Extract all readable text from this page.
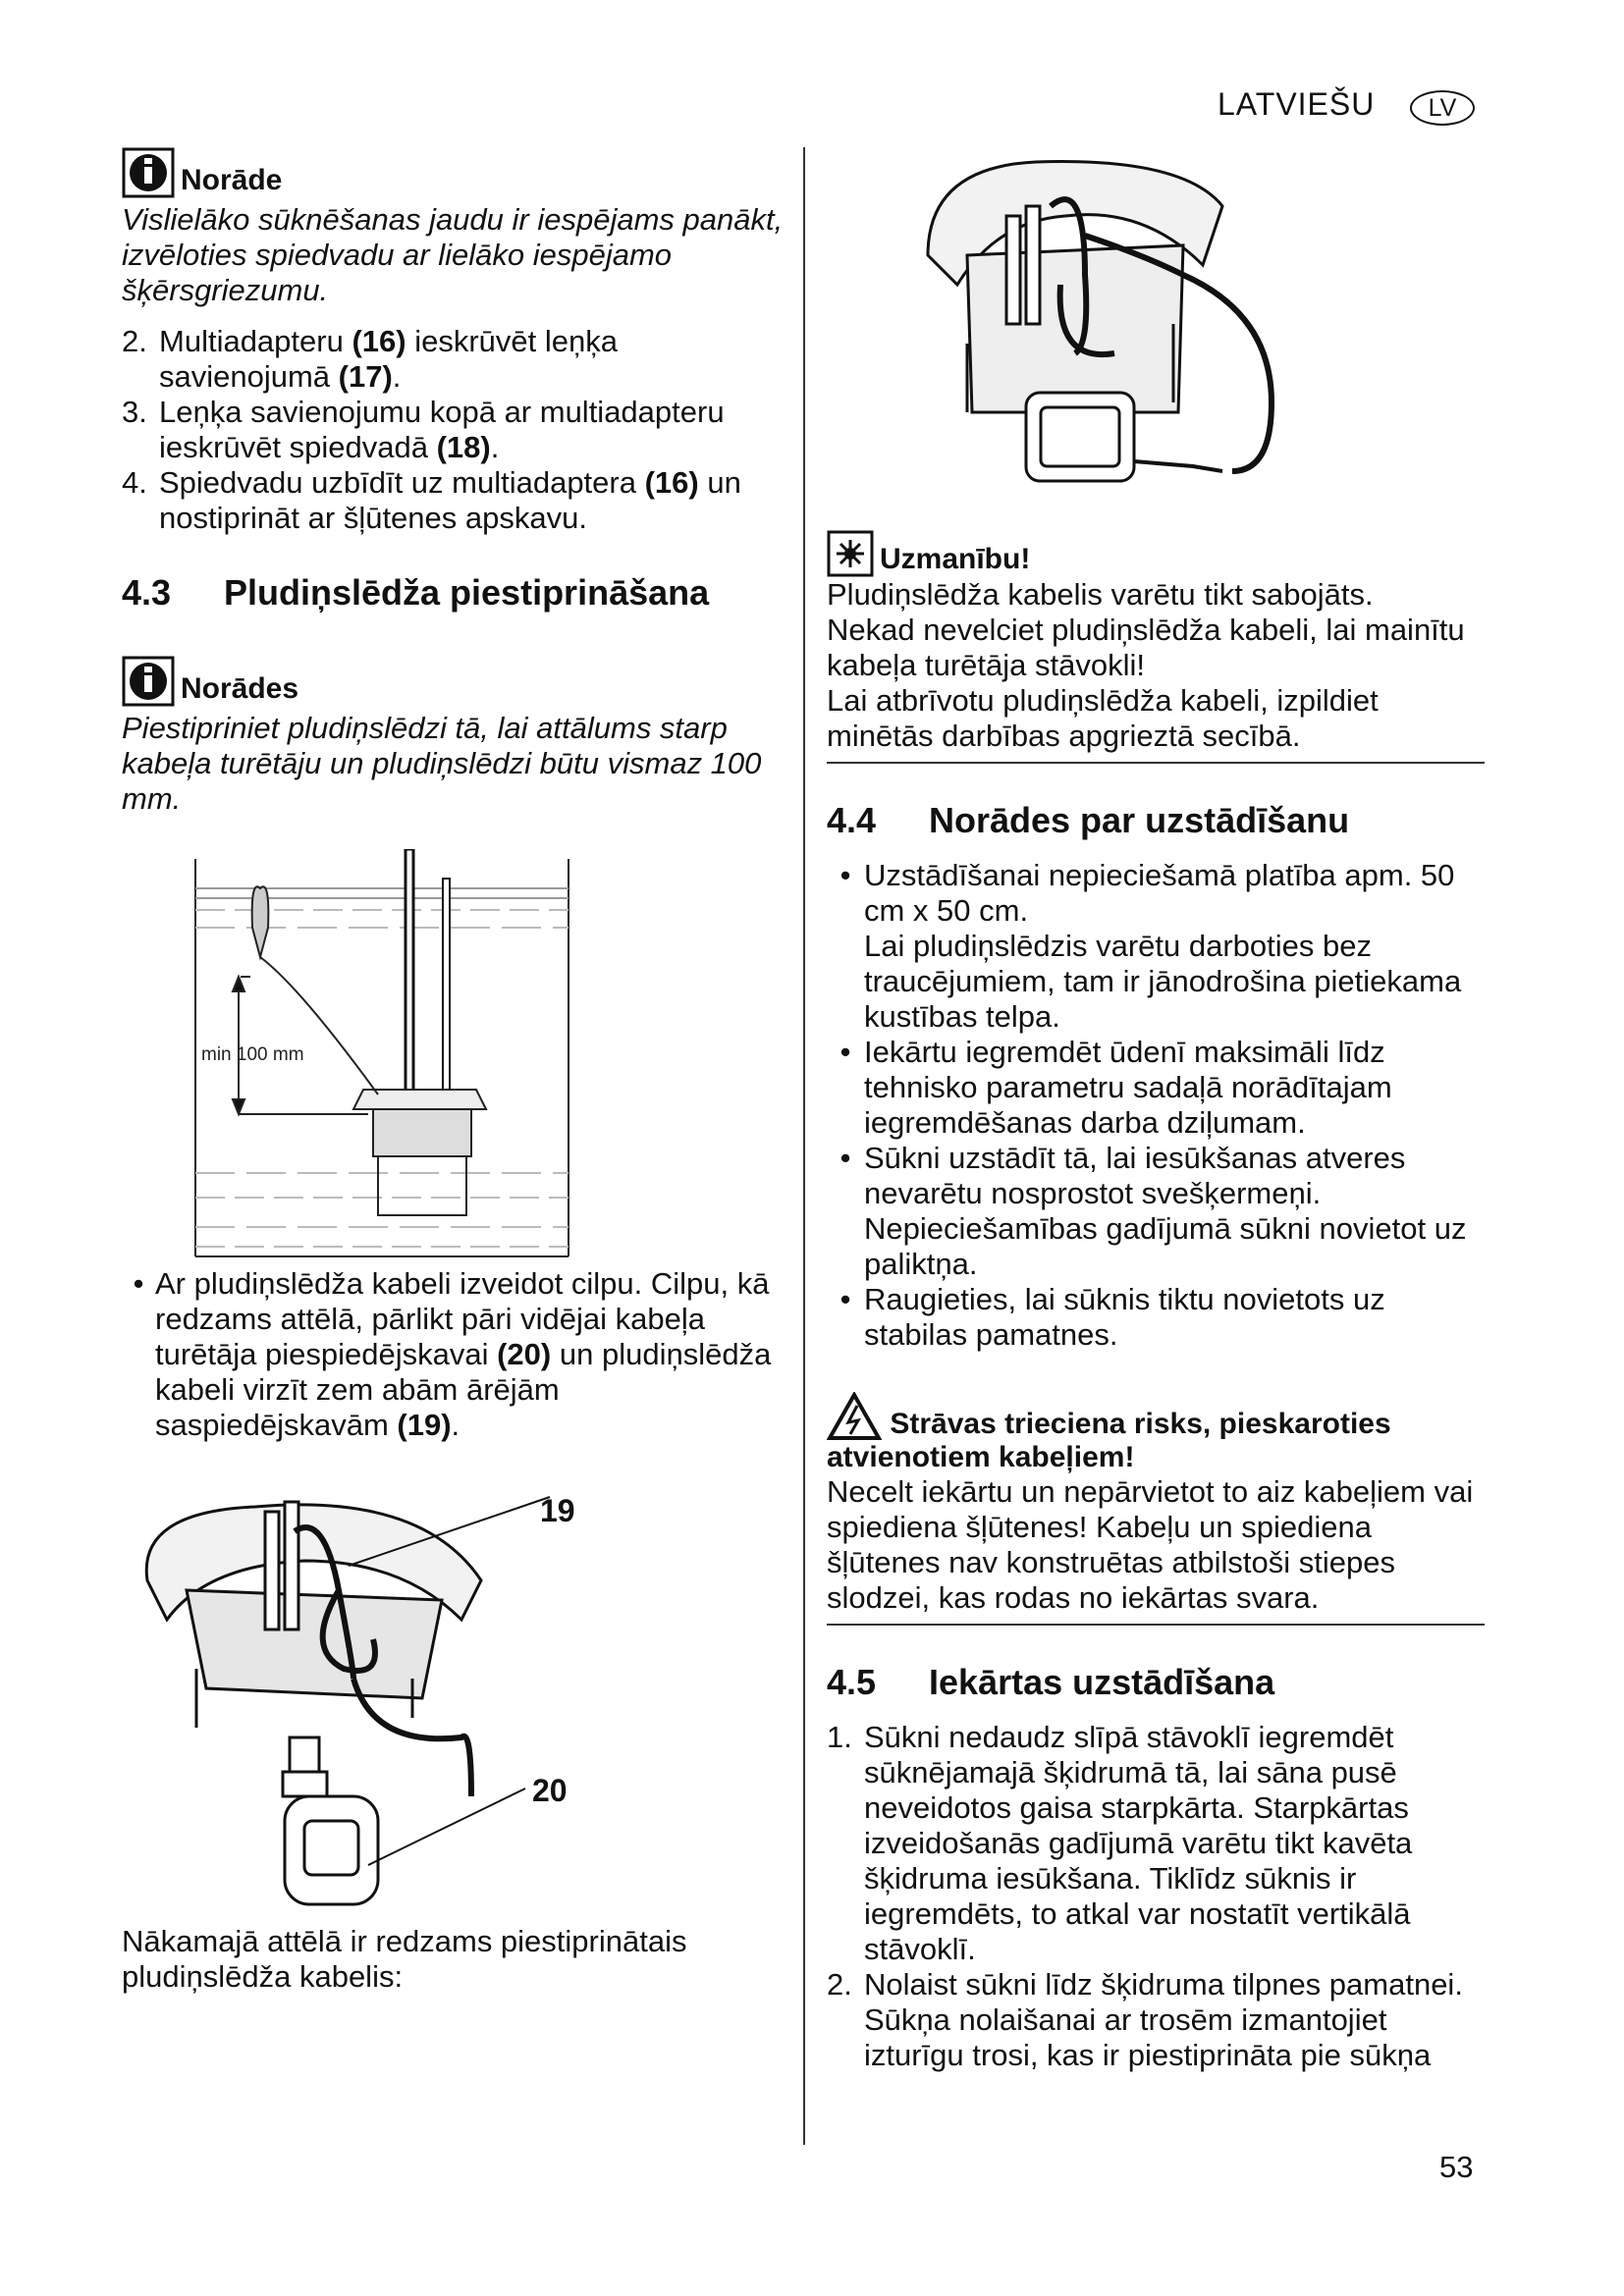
LATVIEŠU	LV
Norāde
Vislielāko sūknēšanas jaudu ir iespējams panākt, izvēloties spiedvadu ar lielāko iespējamo šķērsgriezumu.
2. Multiadapteru (16) ieskrūvēt leņķa savienojumā (17).
3. Leņķa savienojumu kopā ar multiadapteru ieskrūvēt spiedvadā (18).
4. Spiedvadu uzbīdīt uz multiadaptera (16) un nostiprināt ar šļūtenes apskavu.
4.3	Pludiņslēdža piestiprināšana
Norādes
Piestipriniet pludiņslēdzi tā, lai attālums starp kabeļa turētāju un pludiņslēdzi būtu vismaz 100 mm.
min 100 mm
• Ar pludiņslēdža kabeli izveidot cilpu. Cilpu, kā redzams attēlā, pārlikt pāri vidējai kabeļa turētāja piespiedējskavai (20) un pludiņslēdža kabeli virzīt zem abām ārējām saspiedējskavām (19).
19
20
Nākamajā attēlā ir redzams piestiprinātais pludiņslēdža kabelis:
Uzmanību!
Pludiņslēdža kabelis varētu tikt sabojāts.
Nekad nevelciet pludiņslēdža kabeli, lai mainītu kabeļa turētāja stāvokli!
Lai atbrīvotu pludiņslēdža kabeli, izpildiet minētās darbības apgrieztā secībā.
4.4	Norādes par uzstādīšanu
• Uzstādīšanai nepieciešamā platība apm. 50 cm x 50 cm.
Lai pludiņslēdzis varētu darboties bez traucējumiem, tam ir jānodrošina pietiekama kustības telpa.
• Iekārtu iegremdēt ūdenī maksimāli līdz tehnisko parametru sadaļā norādītajam iegremdēšanas darba dziļumam.
• Sūkni uzstādīt tā, lai iesūkšanas atveres nevarētu nosprostot svešķermeņi.
Nepieciešamības gadījumā sūkni novietot uz paliktņa.
• Raugieties, lai sūknis tiktu novietots uz stabilas pamatnes.
Strāvas trieciena risks, pieskaroties atvienotiem kabeļiem!
Necelt iekārtu un nepārvietot to aiz kabeļiem vai spiediena šļūtenes! Kabeļu un spiediena šļūtenes nav konstruētas atbilstoši stiepes slodzei, kas rodas no iekārtas svara.
4.5	Iekārtas uzstādīšana
1. Sūkni nedaudz slīpā stāvoklī iegremdēt sūknējamajā šķidrumā tā, lai sāna pusē neveidotos gaisa starpkārta. Starpkārtas izveidošanās gadījumā varētu tikt kavēta šķidruma iesūkšana. Tiklīdz sūknis ir iegremdēts, to atkal var nostatīt vertikālā stāvoklī.
2. Nolaist sūkni līdz šķidruma tilpnes pamatnei.
Sūkņa nolaišanai ar trosēm izmantojiet izturīgu trosi, kas ir piestiprināta pie sūkņa
53
